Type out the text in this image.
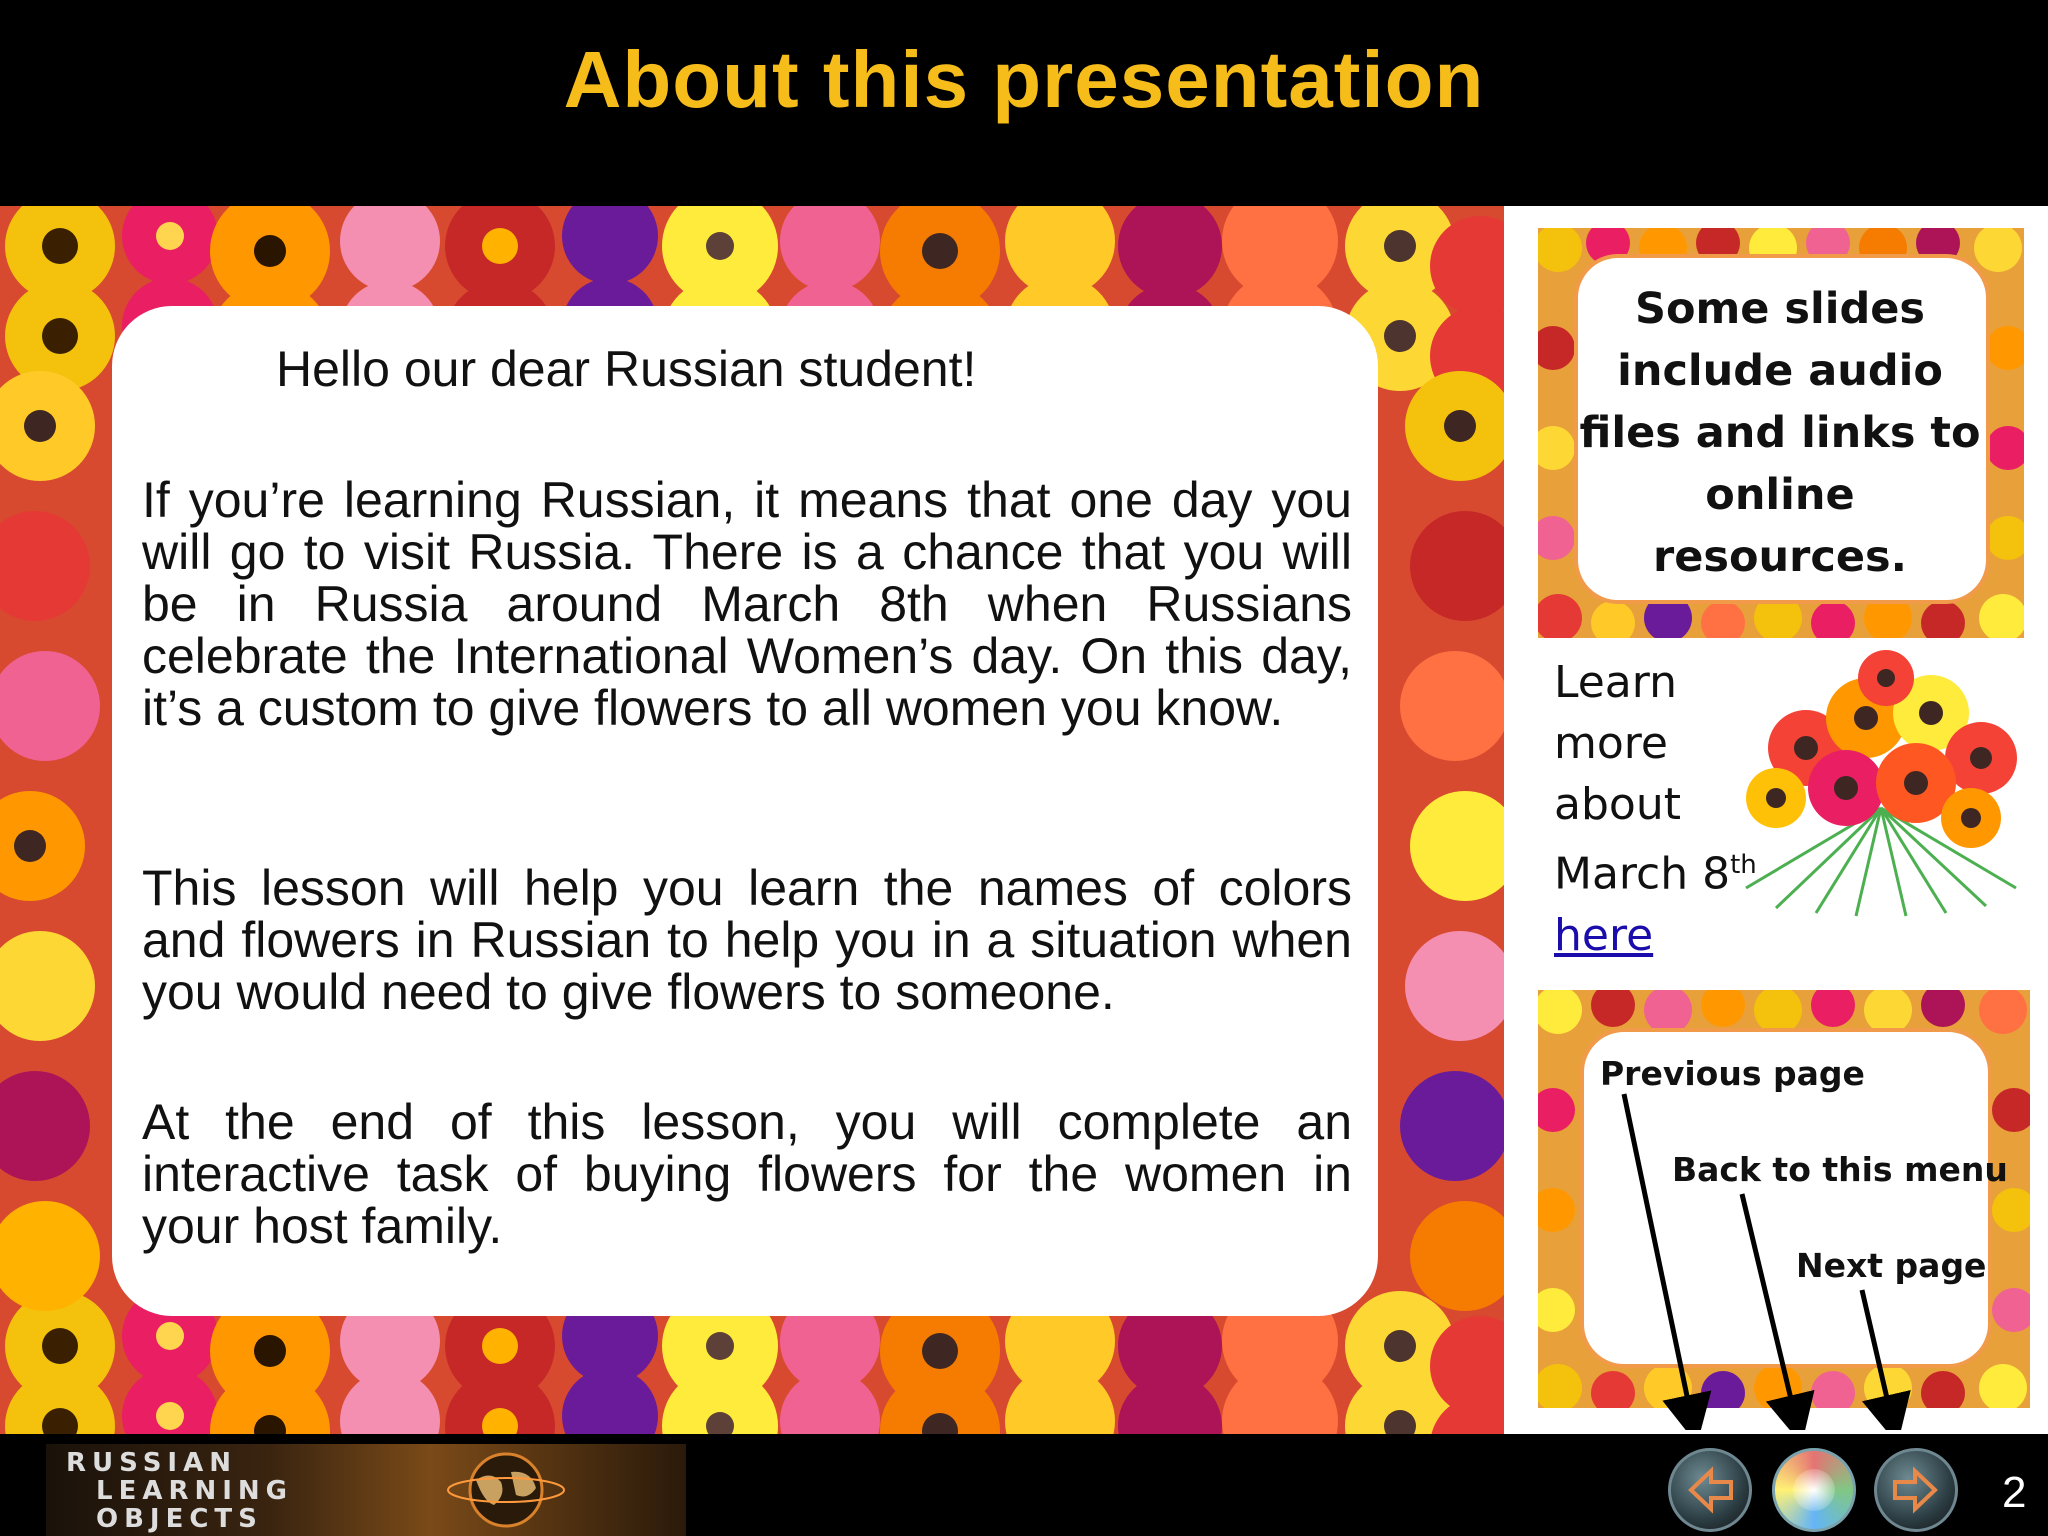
About this presentation
Hello our dear Russian student!
If you’re learning Russian, it means that one day you will go to visit Russia. There is a chance that you will be in Russia around March 8th when Russians celebrate the International Women’s day. On this day, it’s a custom to give flowers to all women you know.
This lesson will help you learn the names of colors and flowers in Russian to help you in a situation when you would need to give flowers to someone.
At the end of this lesson, you will complete an interactive task of buying flowers for the women in your host family.
Some slides include audio files and links to online resources.
Learn
more
about
March 8th
here
Previous page
Back to this menu
Next page
RUSSIAN
LEARNING
OBJECTS
2
